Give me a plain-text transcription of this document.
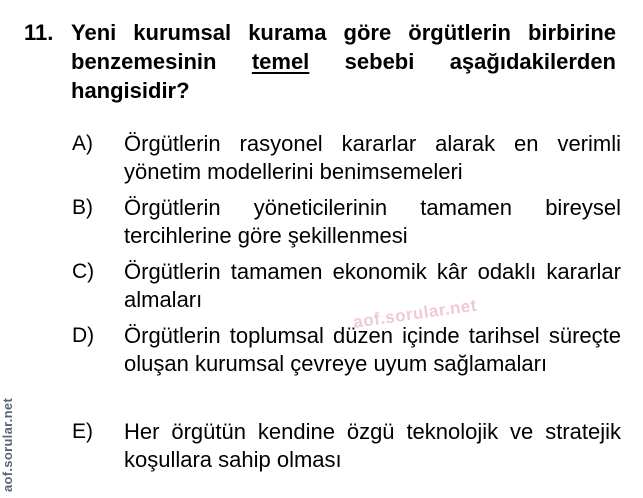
11. Yeni kurumsal kurama göre örgütlerin birbirine benzemesinin temel sebebi aşağıdakilerden hangisidir?
A) Örgütlerin rasyonel kararlar alarak en verimli yönetim modellerini benimsemeleri
B) Örgütlerin yöneticilerinin tamamen bireysel tercihlerine göre şekillenmesi
C) Örgütlerin tamamen ekonomik kâr odaklı kararlar almaları
D) Örgütlerin toplumsal düzen içinde tarihsel süreçte oluşan kurumsal çevreye uyum sağlamaları
E) Her örgütün kendine özgü teknolojik ve stratejik koşullara sahip olması
aof.sorular.net
aof.sorular.net
